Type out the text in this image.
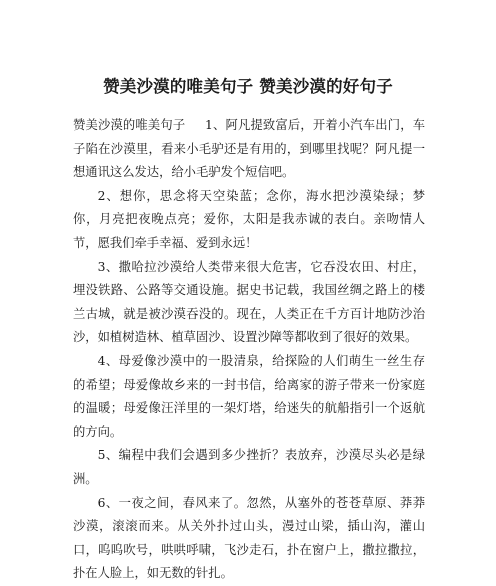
赞美沙漠的唯美句子 赞美沙漠的好句子

赞美沙漠的唯美句子 1、阿凡提致富后，开着小汽车出门，车子陷在沙漠里，看来小毛驴还是有用的，到哪里找呢？阿凡提一想通讯这么发达，给小毛驴发个短信吧。

2、想你，思念将天空染蓝；念你，海水把沙漠染绿；梦你，月亮把夜晚点亮；爱你，太阳是我赤诚的表白。亲吻情人节，愿我们牵手幸福、爱到永远！

3、撒哈拉沙漠给人类带来很大危害，它吞没农田、村庄，埋没铁路、公路等交通设施。据史书记载，我国丝绸之路上的楼兰古城，就是被沙漠吞没的。现在，人类正在千方百计地防沙治沙，如植树造林、植草固沙、设置沙障等都收到了很好的效果。

4、母爱像沙漠中的一股清泉，给探险的人们萌生一丝生存的希望；母爱像故乡来的一封书信，给离家的游子带来一份家庭的温暖；母爱像汪洋里的一架灯塔，给迷失的航船指引一个返航的方向。

5、编程中我们会遇到多少挫折？表放弃，沙漠尽头必是绿洲。

6、一夜之间，春风来了。忽然，从塞外的苍苍草原、莽莽沙漠，滚滚而来。从关外扑过山头，漫过山梁，插山沟，灌山口，呜呜吹号，哄哄呼啸，飞沙走石，扑在窗户上，撒拉撒拉，扑在人脸上，如无数的针扎。
